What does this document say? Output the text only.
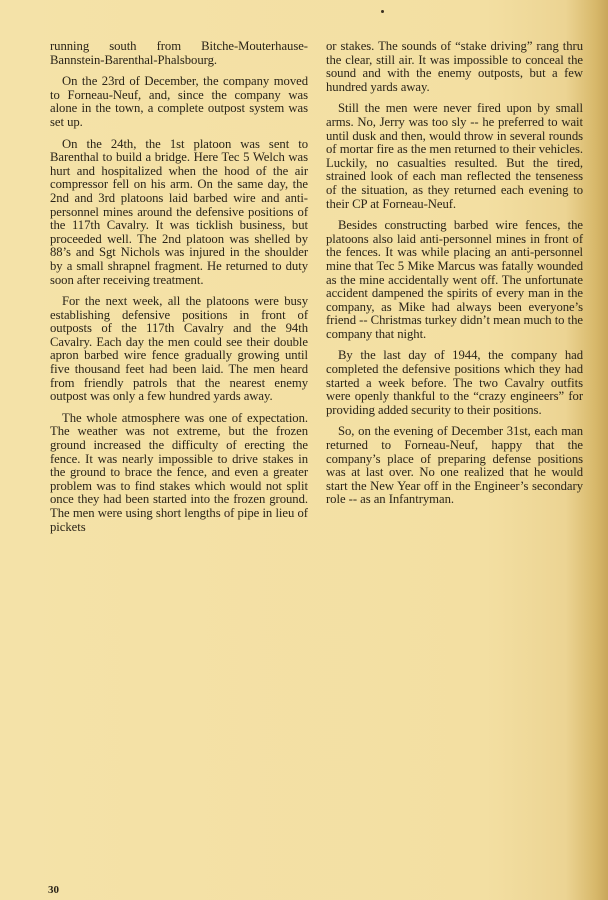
running south from Bitche-Mouterhause-Bannstein-Barenthal-Phalsbourg.

On the 23rd of December, the company moved to Forneau-Neuf, and, since the company was alone in the town, a complete outpost system was set up.

On the 24th, the 1st platoon was sent to Barenthal to build a bridge. Here Tec 5 Welch was hurt and hospitalized when the hood of the air compressor fell on his arm. On the same day, the 2nd and 3rd platoons laid barbed wire and anti-personnel mines around the defensive positions of the 117th Cavalry. It was ticklish business, but proceeded well. The 2nd platoon was shelled by 88’s and Sgt Nichols was injured in the shoulder by a small shrapnel fragment. He returned to duty soon after receiving treatment.

For the next week, all the platoons were busy establishing defensive positions in front of outposts of the 117th Cavalry and the 94th Cavalry. Each day the men could see their double apron barbed wire fence gradually growing until five thousand feet had been laid. The men heard from friendly patrols that the nearest enemy outpost was only a few hundred yards away.

The whole atmosphere was one of expectation. The weather was not extreme, but the frozen ground increased the difficulty of erecting the fence. It was nearly impossible to drive stakes in the ground to brace the fence, and even a greater problem was to find stakes which would not split once they had been started into the frozen ground. The men were using short lengths of pipe in lieu of pickets

or stakes. The sounds of “stake driving” rang thru the clear, still air. It was impossible to conceal the sound and with the enemy outposts, but a few hundred yards away.

Still the men were never fired upon by small arms. No, Jerry was too sly -- he preferred to wait until dusk and then, would throw in several rounds of mortar fire as the men returned to their vehicles. Luckily, no casualties resulted. But the tired, strained look of each man reflected the tenseness of the situation, as they returned each evening to their CP at Forneau-Neuf.

Besides constructing barbed wire fences, the platoons also laid anti-personnel mines in front of the fences. It was while placing an anti-personnel mine that Tec 5 Mike Marcus was fatally wounded as the mine accidentally went off. The unfortunate accident dampened the spirits of every man in the company, as Mike had always been everyone’s friend -- Christmas turkey didn’t mean much to the company that night.

By the last day of 1944, the company had completed the defensive positions which they had started a week before. The two Cavalry outfits were openly thankful to the “crazy engineers” for providing added security to their positions.

So, on the evening of December 31st, each man returned to Forneau-Neuf, happy that the company’s place of preparing defense positions was at last over. No one realized that he would start the New Year off in the Engineer’s secondary role -- as an Infantryman.

30
